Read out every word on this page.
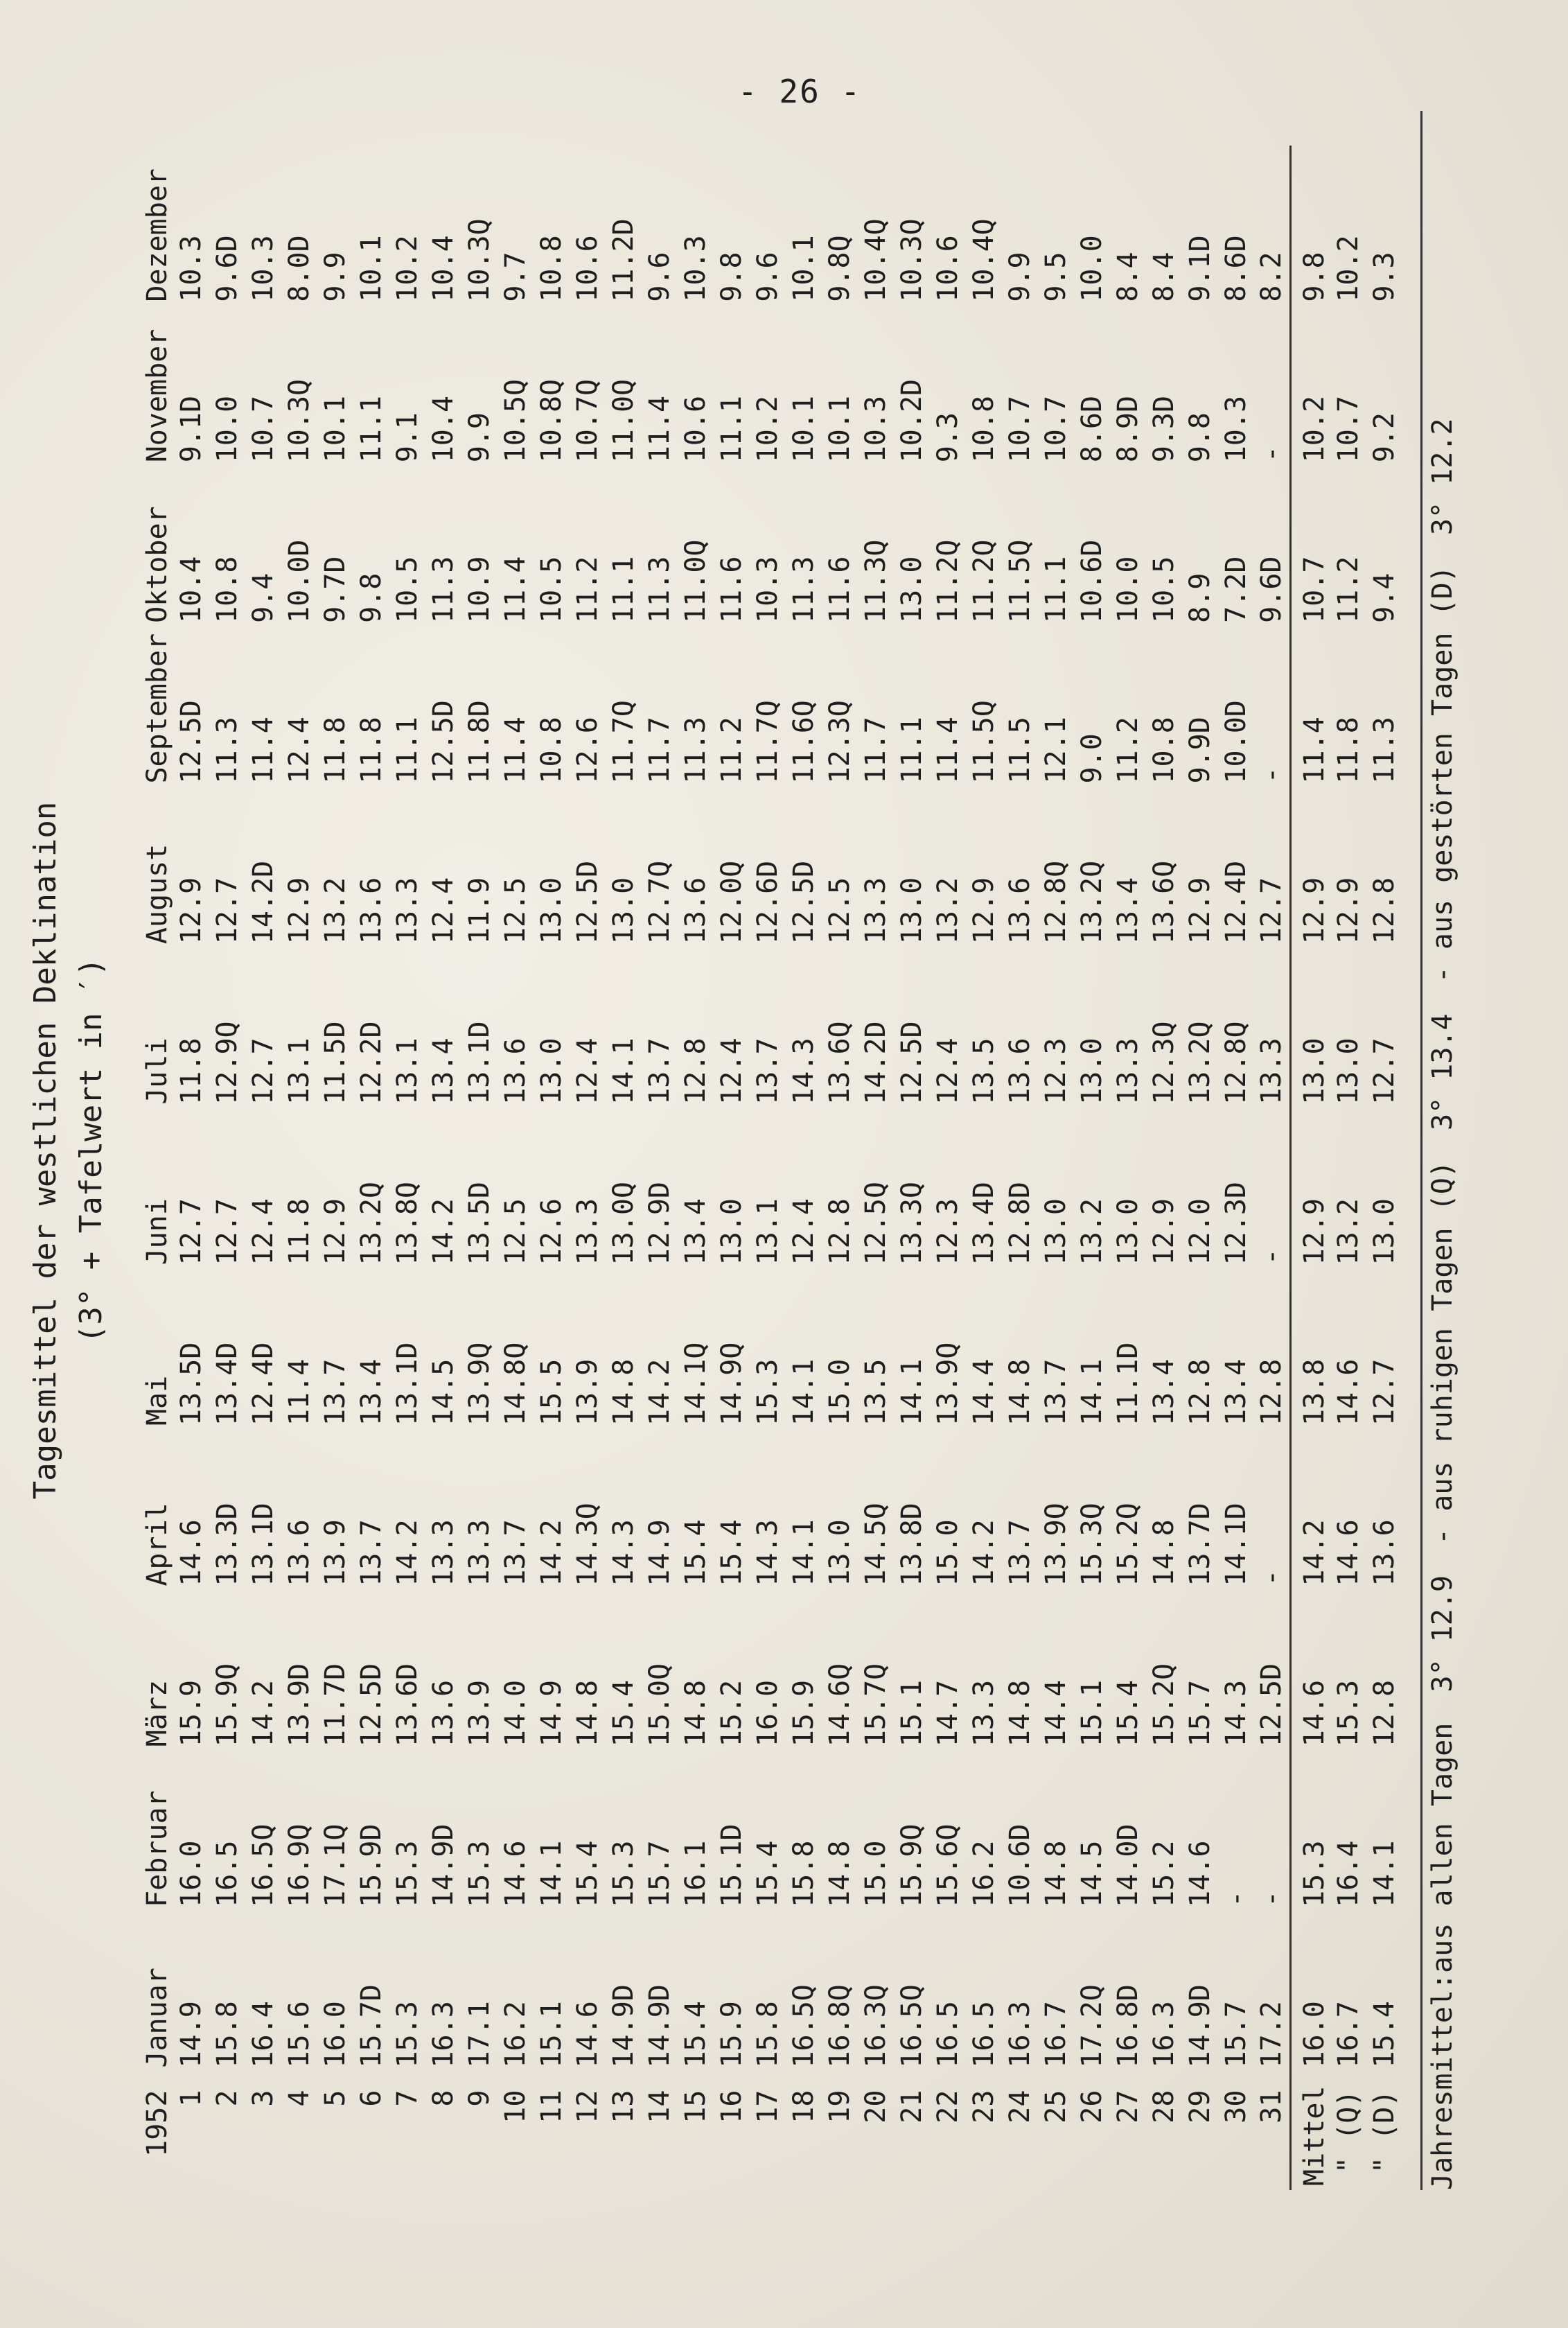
- 26 -
Tagesmittel der westlichen Deklination (3° + Tafelwert in ′)
1952	Januar	Februar	März	April	Mai	Juni	Juli	August	September	Oktober	November	Dezember
1	14.9	16.0	15.9	14.6	13.5D	12.7	11.8	12.9	12.5D	10.4	9.1D	10.3
2	15.8	16.5	15.9Q	13.3D	13.4D	12.7	12.9Q	12.7	11.3	10.8	10.0	9.6D
3	16.4	16.5Q	14.2	13.1D	12.4D	12.4	12.7	14.2D	11.4	9.4	10.7	10.3
4	15.6	16.9Q	13.9D	13.6	11.4	11.8	13.1	12.9	12.4	10.0D	10.3Q	8.0D
5	16.0	17.1Q	11.7D	13.9	13.7	12.9	11.5D	13.2	11.8	9.7D	10.1	9.9
6	15.7D	15.9D	12.5D	13.7	13.4	13.2Q	12.2D	13.6	11.8	9.8	11.1	10.1
7	15.3	15.3	13.6D	14.2	13.1D	13.8Q	13.1	13.3	11.1	10.5	9.1	10.2
8	16.3	14.9D	13.6	13.3	14.5	14.2	13.4	12.4	12.5D	11.3	10.4	10.4
9	17.1	15.3	13.9	13.3	13.9Q	13.5D	13.1D	11.9	11.8D	10.9	9.9	10.3Q
10	16.2	14.6	14.0	13.7	14.8Q	12.5	13.6	12.5	11.4	11.4	10.5Q	9.7
11	15.1	14.1	14.9	14.2	15.5	12.6	13.0	13.0	10.8	10.5	10.8Q	10.8
12	14.6	15.4	14.8	14.3Q	13.9	13.3	12.4	12.5D	12.6	11.2	10.7Q	10.6
13	14.9D	15.3	15.4	14.3	14.8	13.0Q	14.1	13.0	11.7Q	11.1	11.0Q	11.2D
14	14.9D	15.7	15.0Q	14.9	14.2	12.9D	13.7	12.7Q	11.7	11.3	11.4	9.6
15	15.4	16.1	14.8	15.4	14.1Q	13.4	12.8	13.6	11.3	11.0Q	10.6	10.3
16	15.9	15.1D	15.2	15.4	14.9Q	13.0	12.4	12.0Q	11.2	11.6	11.1	9.8
17	15.8	15.4	16.0	14.3	15.3	13.1	13.7	12.6D	11.7Q	10.3	10.2	9.6
18	16.5Q	15.8	15.9	14.1	14.1	12.4	14.3	12.5D	11.6Q	11.3	10.1	10.1
19	16.8Q	14.8	14.6Q	13.0	15.0	12.8	13.6Q	12.5	12.3Q	11.6	10.1	9.8Q
20	16.3Q	15.0	15.7Q	14.5Q	13.5	12.5Q	14.2D	13.3	11.7	11.3Q	10.3	10.4Q
21	16.5Q	15.9Q	15.1	13.8D	14.1	13.3Q	12.5D	13.0	11.1	13.0	10.2D	10.3Q
22	16.5	15.6Q	14.7	15.0	13.9Q	12.3	12.4	13.2	11.4	11.2Q	9.3	10.6
23	16.5	16.2	13.3	14.2	14.4	13.4D	13.5	12.9	11.5Q	11.2Q	10.8	10.4Q
24	16.3	10.6D	14.8	13.7	14.8	12.8D	13.6	13.6	11.5	11.5Q	10.7	9.9
25	16.7	14.8	14.4	13.9Q	13.7	13.0	12.3	12.8Q	12.1	11.1	10.7	9.5
26	17.2Q	14.5	15.1	15.3Q	14.1	13.2	13.0	13.2Q	9.0	10.6D	8.6D	10.0
27	16.8D	14.0D	15.4	15.2Q	11.1D	13.0	13.3	13.4	11.2	10.0	8.9D	8.4
28	16.3	15.2	15.2Q	14.8	13.4	12.9	12.3Q	13.6Q	10.8	10.5	9.3D	8.4
29	14.9D	14.6	15.7	13.7D	12.8	12.0	13.2Q	12.9	9.9D	8.9	9.8	9.1D
30	15.7	-	14.3	14.1D	13.4	12.3D	12.8Q	12.4D	10.0D	7.2D	10.3	8.6D
31	17.2	-	12.5D	-	12.8	-	13.3	12.7	-	9.6D	-	8.2
Mittel	16.0	15.3	14.6	14.2	13.8	12.9	13.0	12.9	11.4	10.7	10.2	9.8
" (Q)	16.7	16.4	15.3	14.6	14.6	13.2	13.0	12.9	11.8	11.2	10.7	10.2
" (D)	15.4	14.1	12.8	13.6	12.7	13.0	12.7	12.8	11.3	9.4	9.2	9.3
Jahresmittel:aus allen Tagen 3° 12.9 - aus ruhigen Tagen (Q) 3° 13.4 - aus gestörten Tagen (D) 3° 12.2
